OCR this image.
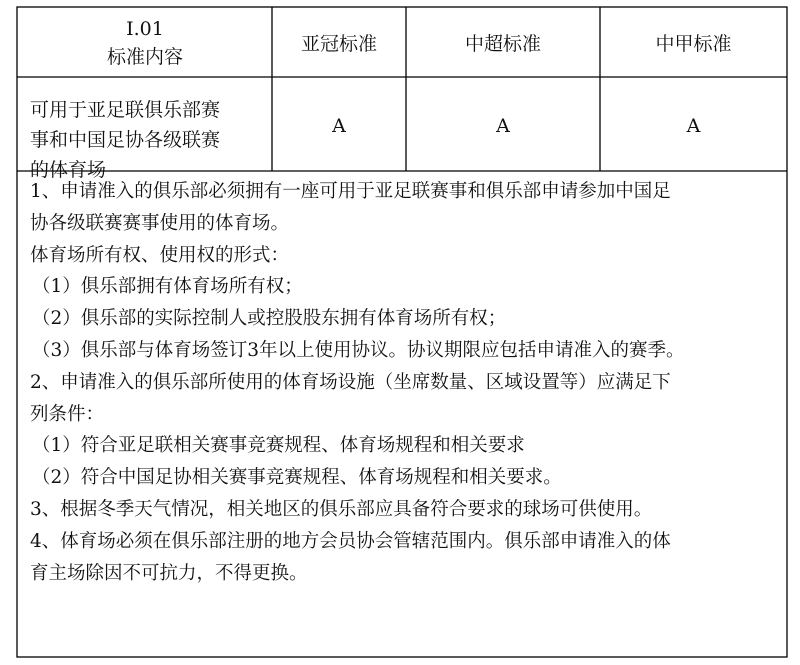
I.01
标准内容
亚冠标准	中超标准	中甲标准
可用于亚足联俱乐部赛
事和中国足协各级联赛
的体育场
A	A	A

1、申请准入的俱乐部必须拥有一座可用于亚足联赛事和俱乐部申请参加中国足

协各级联赛赛事使用的体育场。

体育场所有权、使用权的形式：

（1）俱乐部拥有体育场所有权；

（2）俱乐部的实际控制人或控股股东拥有体育场所有权；

（3）俱乐部与体育场签订3年以上使用协议。协议期限应包括申请准入的赛季。

2、申请准入的俱乐部所使用的体育场设施（坐席数量、区域设置等）应满足下

列条件：

（1）符合亚足联相关赛事竞赛规程、体育场规程和相关要求

（2）符合中国足协相关赛事竞赛规程、体育场规程和相关要求。

3、根据冬季天气情况，相关地区的俱乐部应具备符合要求的球场可供使用。

4、体育场必须在俱乐部注册的地方会员协会管辖范围内。俱乐部申请准入的体

育主场除因不可抗力，不得更换。
